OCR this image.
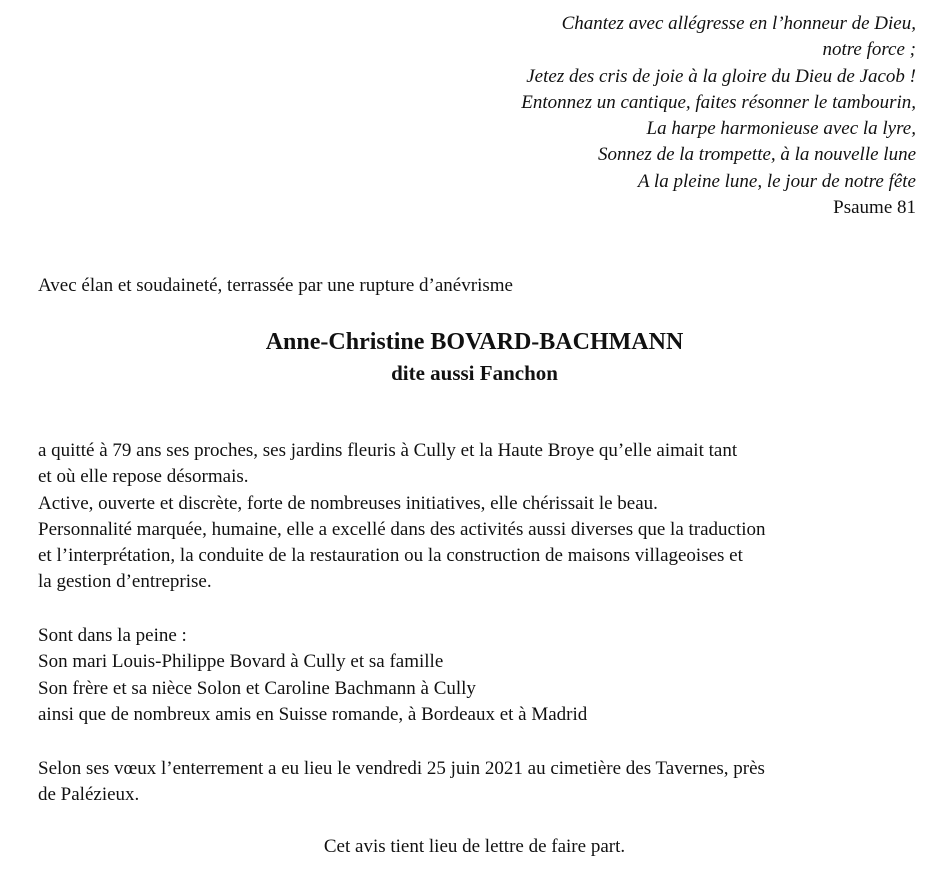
Chantez avec allégresse en l’honneur de Dieu,
notre force ;
Jetez des cris de joie à la gloire du Dieu de Jacob !
Entonnez un cantique, faites résonner le tambourin,
La harpe harmonieuse avec la lyre,
Sonnez de la trompette, à la nouvelle lune
A la pleine lune, le jour de notre fête
Psaume 81
Avec élan et soudaineté, terrassée par une rupture d’anévrisme
Anne-Christine BOVARD-BACHMANN
dite aussi Fanchon
a quitté à 79 ans ses proches, ses jardins fleuris à Cully et la Haute Broye qu’elle aimait tant
et où elle repose désormais.
Active, ouverte et discrète, forte de nombreuses initiatives, elle chérissait le beau.
Personnalité marquée, humaine, elle a excellé dans des activités aussi diverses que la traduction
et l’interprétation, la conduite de la restauration ou la construction de maisons villageoises et
la gestion d’entreprise.
Sont dans la peine :
Son mari Louis-Philippe Bovard à Cully et sa famille
Son frère et sa nièce Solon et Caroline Bachmann à Cully
ainsi que de nombreux amis en Suisse romande, à Bordeaux et à Madrid
Selon ses vœux l’enterrement a eu lieu le vendredi 25 juin 2021 au cimetière des Tavernes, près
de Palézieux.
Cet avis tient lieu de lettre de faire part.
